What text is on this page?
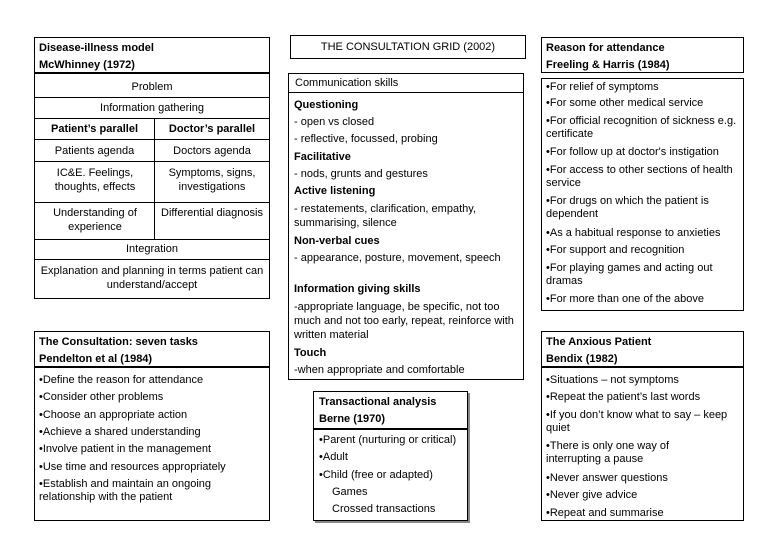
Disease-illness model
McWhinney (1972)
Problem
Information gathering
Patient’s parallel	Doctor’s parallel
Patients agenda	Doctors agenda
IC&E. Feelings, thoughts, effects
Symptoms, signs, investigations
Understanding of experience
Differential diagnosis
Integration
Explanation and planning in terms patient can understand/accept
The Consultation: seven tasks
Pendelton et al (1984)
•Define the reason for attendance
•Consider other problems
•Choose an appropriate action
•Achieve a shared understanding
•Involve patient in the management
•Use time and resources appropriately
•Establish and maintain an ongoing relationship with the patient
THE CONSULTATION GRID (2002)
Communication skills
Questioning
- open vs closed
- reflective, focussed, probing
Facilitative
- nods, grunts and gestures
Active listening
- restatements, clarification, empathy, summarising, silence
Non-verbal cues
- appearance, posture, movement, speech
Information giving skills
-appropriate language, be specific, not too much and not too early, repeat, reinforce with written material
Touch
-when appropriate and comfortable
Transactional analysis
Berne (1970)
•Parent (nurturing or critical)
•Adult
•Child (free or adapted)
Games
Crossed transactions
Reason for attendance
Freeling & Harris (1984)
•For relief of symptoms
•For some other medical service
•For official recognition of sickness e.g. certificate
•For follow up at doctor's instigation
•For access to other sections of health service
•For drugs on which the patient is dependent
•As a habitual response to anxieties
•For support and recognition
•For playing games and acting out dramas
•For more than one of the above
The Anxious Patient
Bendix (1982)
•Situations – not symptoms
•Repeat the patient’s last words
•If you don’t know what to say – keep quiet
•There is only one way of interrupting a pause
•Never answer questions
•Never give advice
•Repeat and summarise
